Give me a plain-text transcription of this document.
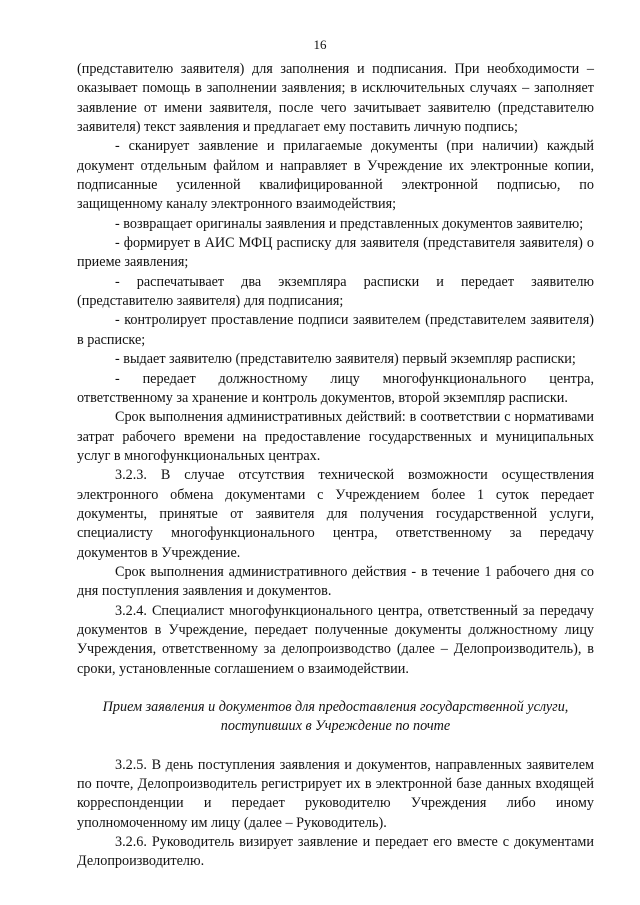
16

(представителю заявителя) для заполнения и подписания. При необходимости – оказывает помощь в заполнении заявления; в исключительных случаях – заполняет заявление от имени заявителя, после чего зачитывает заявителю (представителю заявителя) текст заявления и предлагает ему поставить личную подпись;

- сканирует заявление и прилагаемые документы (при наличии) каждый документ отдельным файлом и направляет в Учреждение их электронные копии, подписанные усиленной квалифицированной электронной подписью, по защищенному каналу электронного взаимодействия;

- возвращает оригиналы заявления и представленных документов заявителю;

- формирует в АИС МФЦ расписку для заявителя (представителя заявителя) о приеме заявления;

- распечатывает два экземпляра расписки и передает заявителю (представителю заявителя) для подписания;

- контролирует проставление подписи заявителем (представителем заявителя) в расписке;

- выдает заявителю (представителю заявителя) первый экземпляр расписки;

- передает должностному лицу многофункционального центра, ответственному за хранение и контроль документов, второй экземпляр расписки.

Срок выполнения административных действий: в соответствии с нормативами затрат рабочего времени на предоставление государственных и муниципальных услуг в многофункциональных центрах.

3.2.3. В случае отсутствия технической возможности осуществления электронного обмена документами с Учреждением более 1 суток передает документы, принятые от заявителя для получения государственной услуги, специалисту многофункционального центра, ответственному за передачу документов в Учреждение.

Срок выполнения административного действия - в течение 1 рабочего дня со дня поступления заявления и документов.

3.2.4. Специалист многофункционального центра, ответственный за передачу документов в Учреждение, передает полученные документы должностному лицу Учреждения, ответственному за делопроизводство (далее – Делопроизводитель), в сроки, установленные соглашением о взаимодействии.

Прием заявления и документов для предоставления государственной услуги, поступивших в Учреждение по почте

3.2.5. В день поступления заявления и документов, направленных заявителем по почте, Делопроизводитель регистрирует их в электронной базе данных входящей корреспонденции и передает руководителю Учреждения либо иному уполномоченному им лицу (далее – Руководитель).

3.2.6. Руководитель визирует заявление и передает его вместе с документами Делопроизводителю.
